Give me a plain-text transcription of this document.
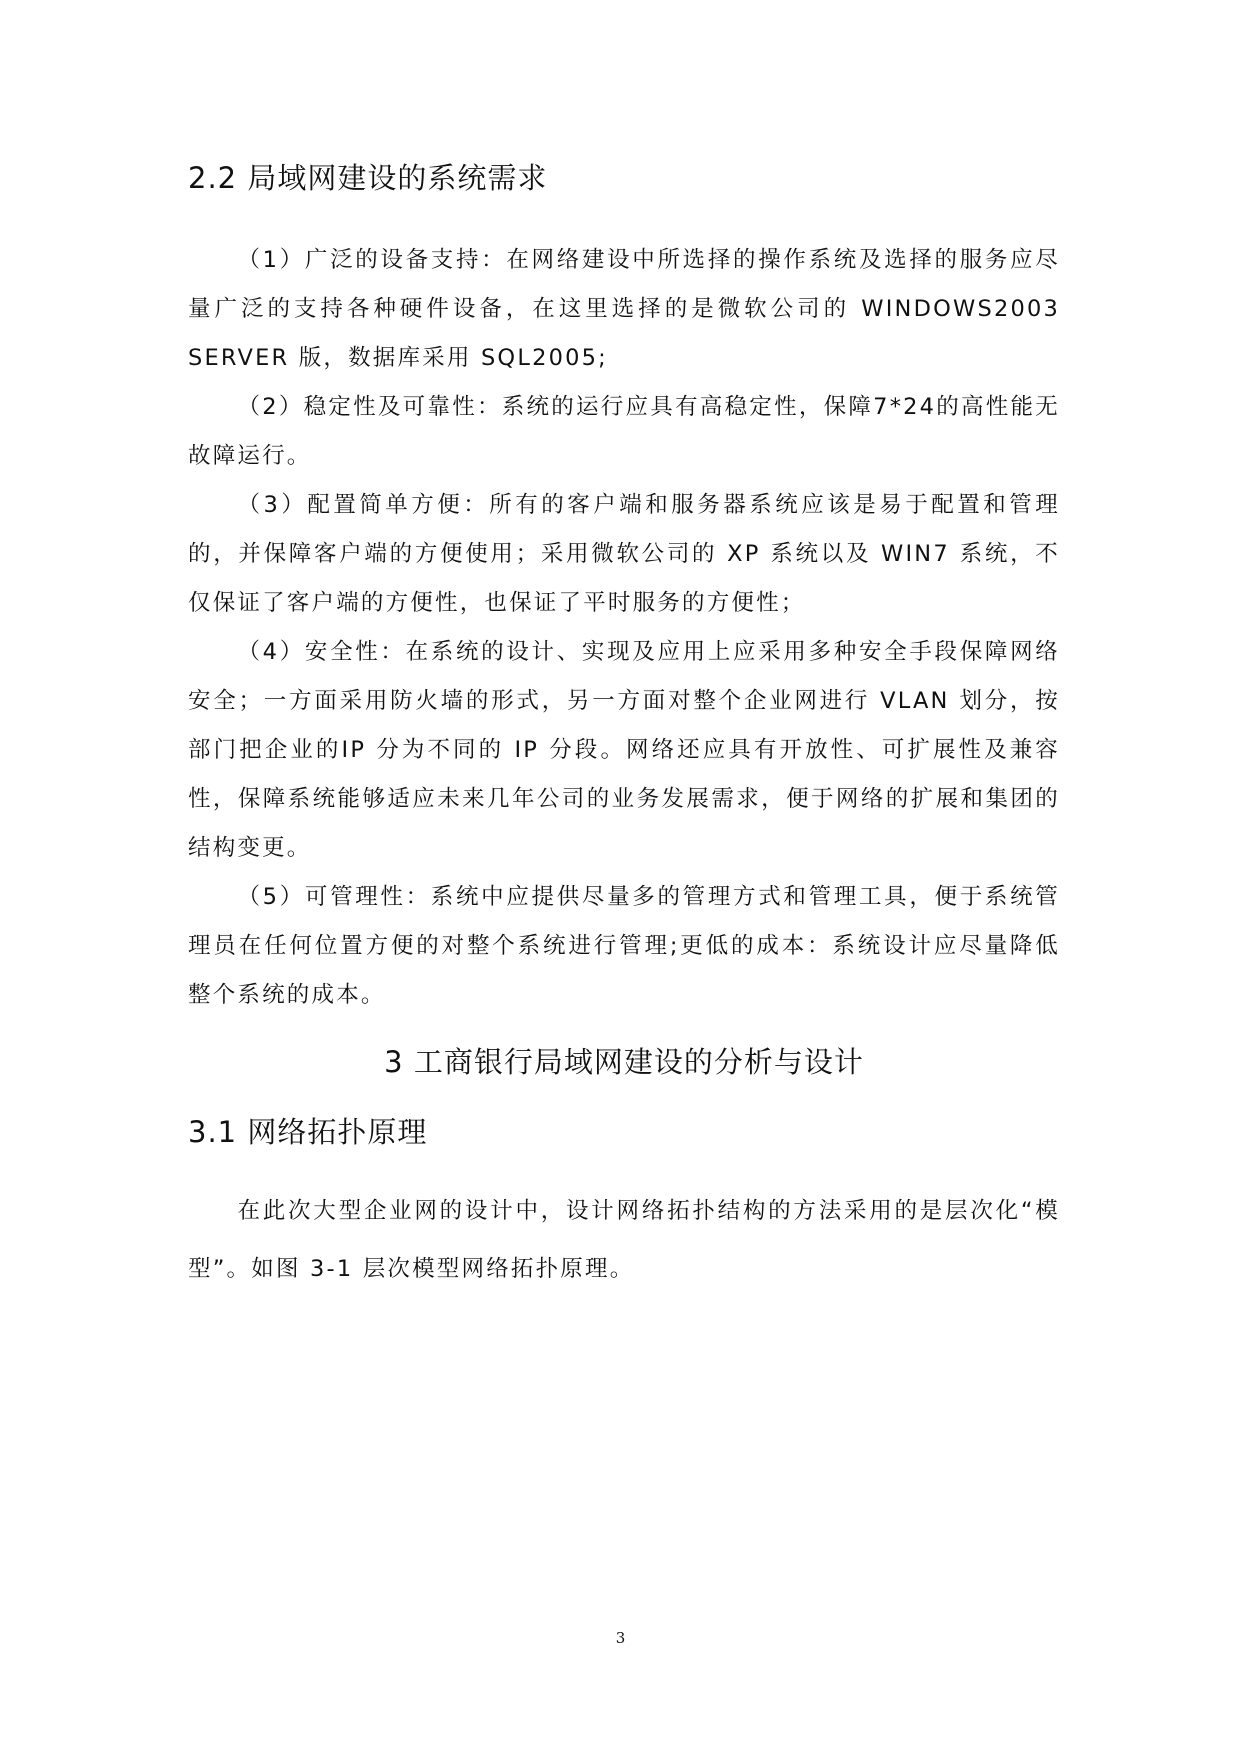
2.2 局域网建设的系统需求

（1）广泛的设备支持：在网络建设中所选择的操作系统及选择的服务应尽量广泛的支持各种硬件设备，在这里选择的是微软公司的 WINDOWS2003 SERVER 版，数据库采用 SQL2005;

（2）稳定性及可靠性：系统的运行应具有高稳定性，保障7*24的高性能无故障运行。

（3）配置简单方便：所有的客户端和服务器系统应该是易于配置和管理的，并保障客户端的方便使用；采用微软公司的 XP 系统以及 WIN7 系统，不仅保证了客户端的方便性，也保证了平时服务的方便性；

（4）安全性：在系统的设计、实现及应用上应采用多种安全手段保障网络安全；一方面采用防火墙的形式，另一方面对整个企业网进行 VLAN 划分，按部门把企业的IP 分为不同的 IP 分段。网络还应具有开放性、可扩展性及兼容性，保障系统能够适应未来几年公司的业务发展需求，便于网络的扩展和集团的结构变更。

（5）可管理性：系统中应提供尽量多的管理方式和管理工具，便于系统管理员在任何位置方便的对整个系统进行管理;更低的成本：系统设计应尽量降低整个系统的成本。

3 工商银行局域网建设的分析与设计
3.1 网络拓扑原理

在此次大型企业网的设计中，设计网络拓扑结构的方法采用的是层次化“模型”。如图 3-1 层次模型网络拓扑原理。

3
